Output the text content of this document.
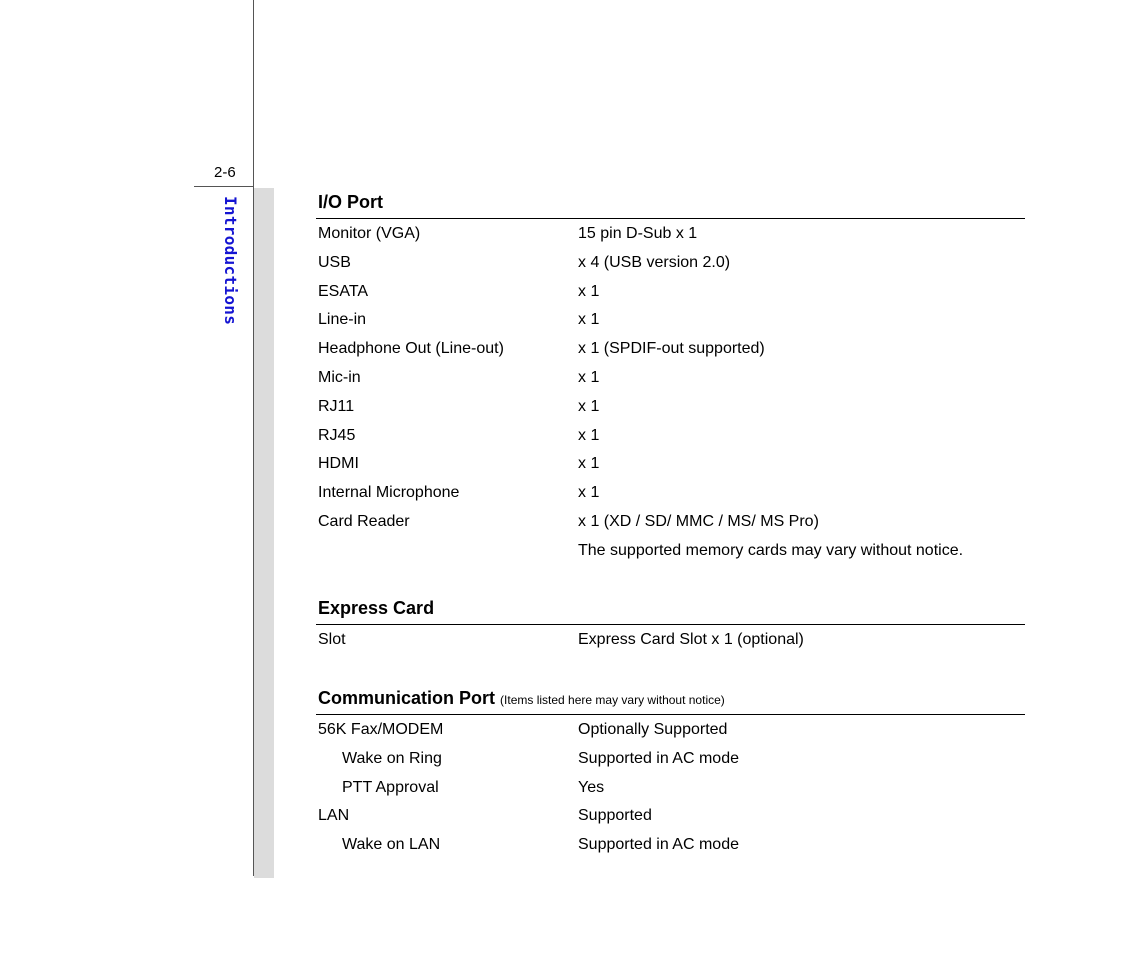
2-6
Introductions	I/O Port
Monitor (VGA)	15 pin D-Sub x 1
USB	x 4 (USB version 2.0)
ESATA	x 1
Line-in	x 1
Headphone Out (Line-out)	x 1 (SPDIF-out supported)
Mic-in	x 1
RJ11	x 1
RJ45	x 1
HDMI	x 1
Internal Microphone	x 1
Card Reader	x 1 (XD / SD/ MMC / MS/ MS Pro)
The supported memory cards may vary without notice.
Express Card
Slot	Express Card Slot x 1 (optional)
Communication Port (Items listed here may vary without notice)
56K Fax/MODEM	Optionally Supported
Wake on Ring	Supported in AC mode
PTT Approval	Yes
LAN	Supported
Wake on LAN	Supported in AC mode
